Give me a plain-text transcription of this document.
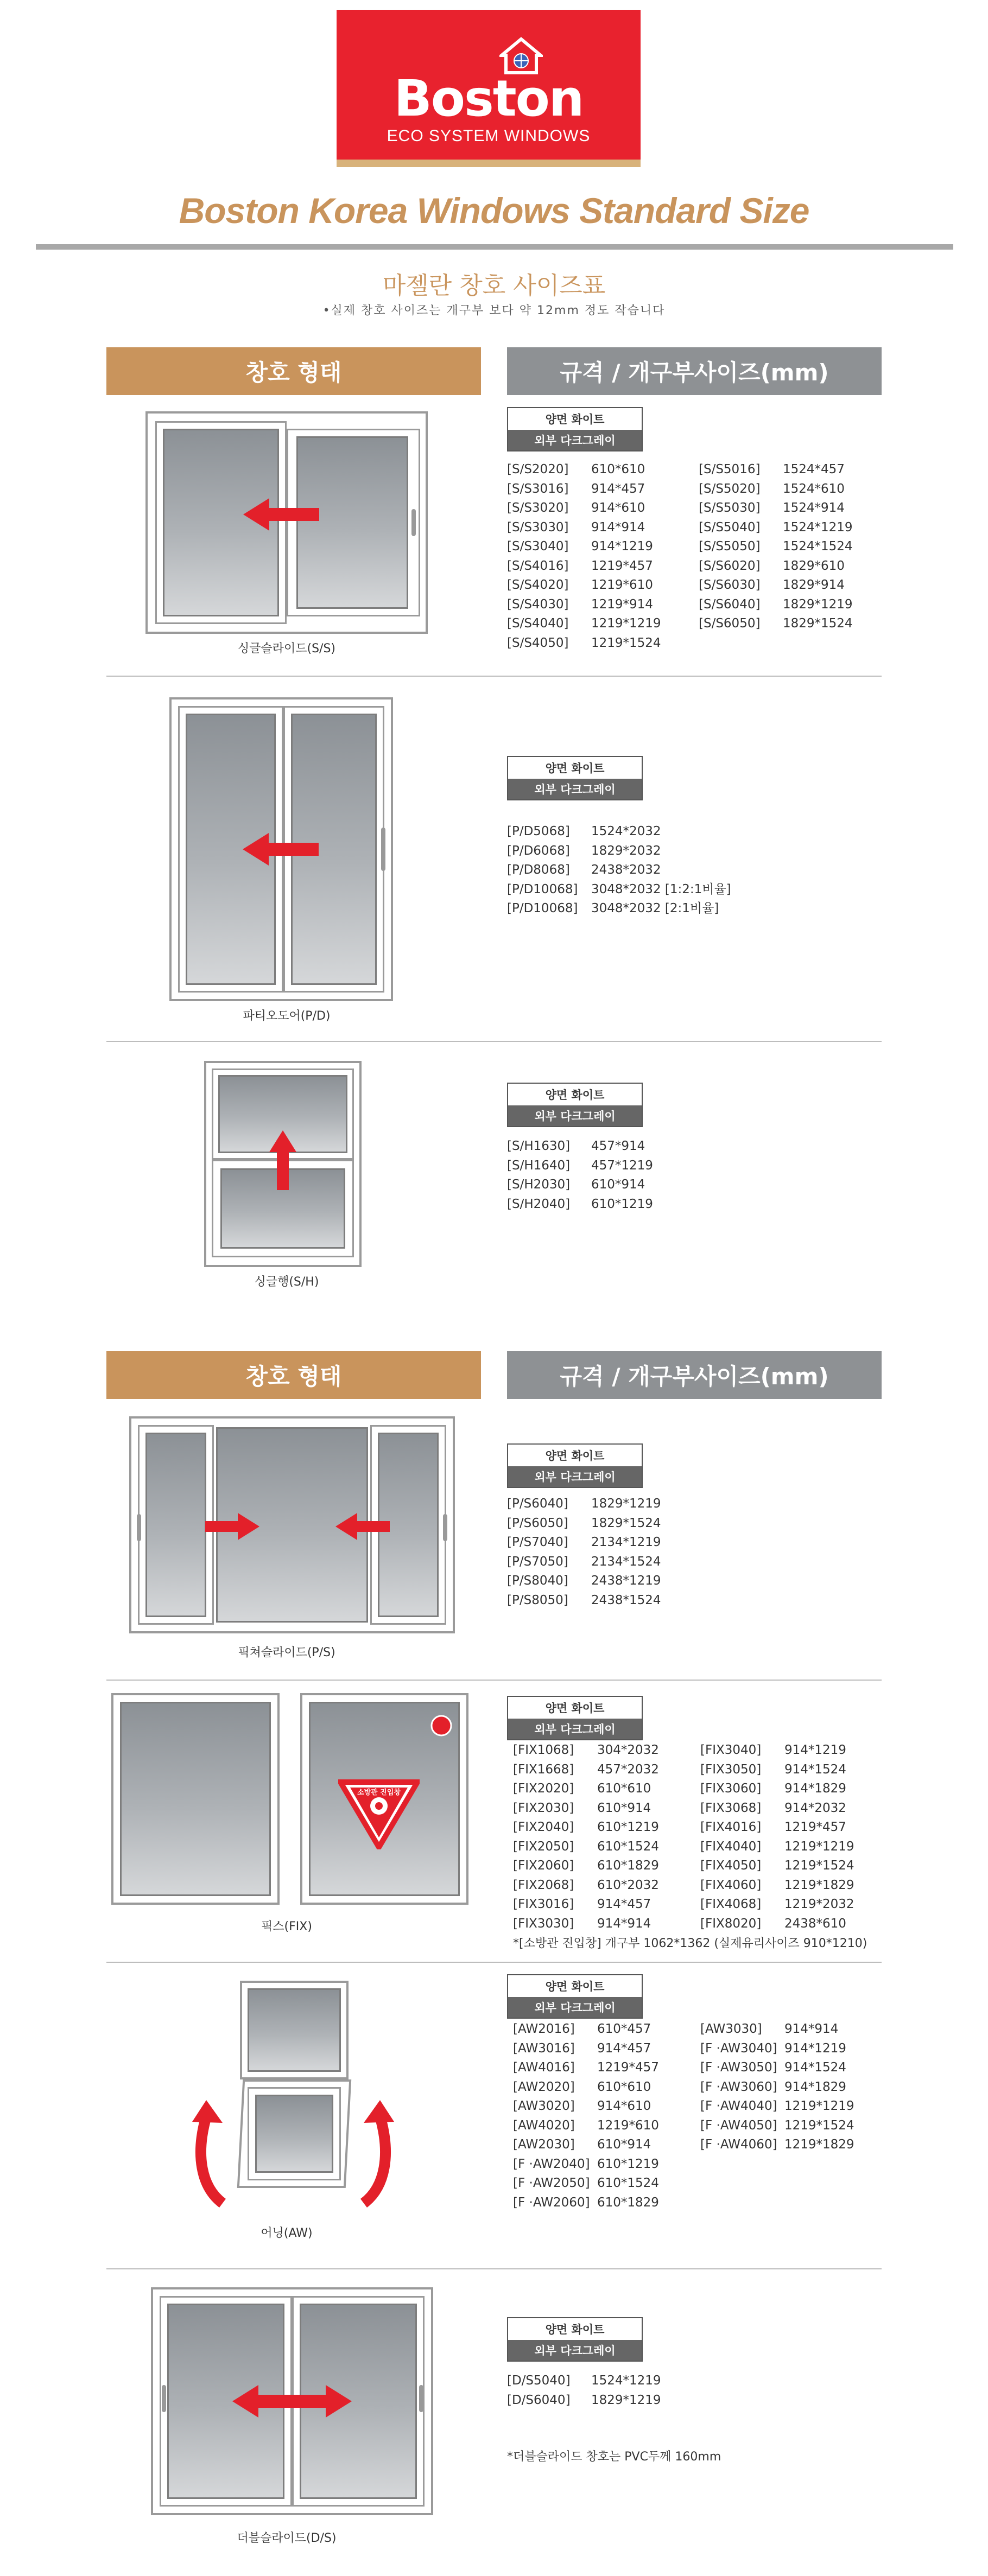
Boston
ECO SYSTEM WINDOWS
Boston Korea Windows Standard Size
마젤란 창호 사이즈표
•실제 창호 사이즈는 개구부 보다 약 12mm 정도 작습니다
창호 형태	규격 / 개구부사이즈(mm)
싱글슬라이드(S/S)
양면 화이트
외부 다크그레이
[S/S2020]	610*610
[S/S3016]	914*457
[S/S3020]	914*610
[S/S3030]	914*914
[S/S3040]	914*1219
[S/S4016]	1219*457
[S/S4020]	1219*610
[S/S4030]	1219*914
[S/S4040]	1219*1219
[S/S4050]	1219*1524
[S/S5016]	1524*457
[S/S5020]	1524*610
[S/S5030]	1524*914
[S/S5040]	1524*1219
[S/S5050]	1524*1524
[S/S6020]	1829*610
[S/S6030]	1829*914
[S/S6040]	1829*1219
[S/S6050]	1829*1524
파티오도어(P/D)
양면 화이트
외부 다크그레이
[P/D5068]	1524*2032
[P/D6068]	1829*2032
[P/D8068]	2438*2032
[P/D10068]	3048*2032 [1:2:1비율]
[P/D10068]	3048*2032 [2:1비율]
싱글행(S/H)
양면 화이트
외부 다크그레이
[S/H1630]	457*914
[S/H1640]	457*1219
[S/H2030]	610*914
[S/H2040]	610*1219
창호 형태	규격 / 개구부사이즈(mm)
픽쳐슬라이드(P/S)
양면 화이트
외부 다크그레이
[P/S6040]	1829*1219
[P/S6050]	1829*1524
[P/S7040]	2134*1219
[P/S7050]	2134*1524
[P/S8040]	2438*1219
[P/S8050]	2438*1524
소방관 진입창
픽스(FIX)
양면 화이트
외부 다크그레이
[FIX1068]	304*2032
[FIX1668]	457*2032
[FIX2020]	610*610
[FIX2030]	610*914
[FIX2040]	610*1219
[FIX2050]	610*1524
[FIX2060]	610*1829
[FIX2068]	610*2032
[FIX3016]	914*457
[FIX3030]	914*914
[FIX3040]	914*1219
[FIX3050]	914*1524
[FIX3060]	914*1829
[FIX3068]	914*2032
[FIX4016]	1219*457
[FIX4040]	1219*1219
[FIX4050]	1219*1524
[FIX4060]	1219*1829
[FIX4068]	1219*2032
[FIX8020]	2438*610
*[소방관 진입창] 개구부 1062*1362 (실제유리사이즈 910*1210)
어닝(AW)
양면 화이트
외부 다크그레이
[AW2016]	610*457
[AW3016]	914*457
[AW4016]	1219*457
[AW2020]	610*610
[AW3020]	914*610
[AW4020]	1219*610
[AW2030]	610*914
[F ·AW2040] 610*1219
[F ·AW2050] 610*1524
[F ·AW2060] 610*1829
[AW3030]	914*914
[F ·AW3040] 914*1219
[F ·AW3050] 914*1524
[F ·AW3060] 914*1829
[F ·AW4040] 1219*1219
[F ·AW4050] 1219*1524
[F ·AW4060] 1219*1829
더블슬라이드(D/S)
양면 화이트
외부 다크그레이
[D/S5040]	1524*1219
[D/S6040]	1829*1219
*더블슬라이드 창호는 PVC두께 160mm
